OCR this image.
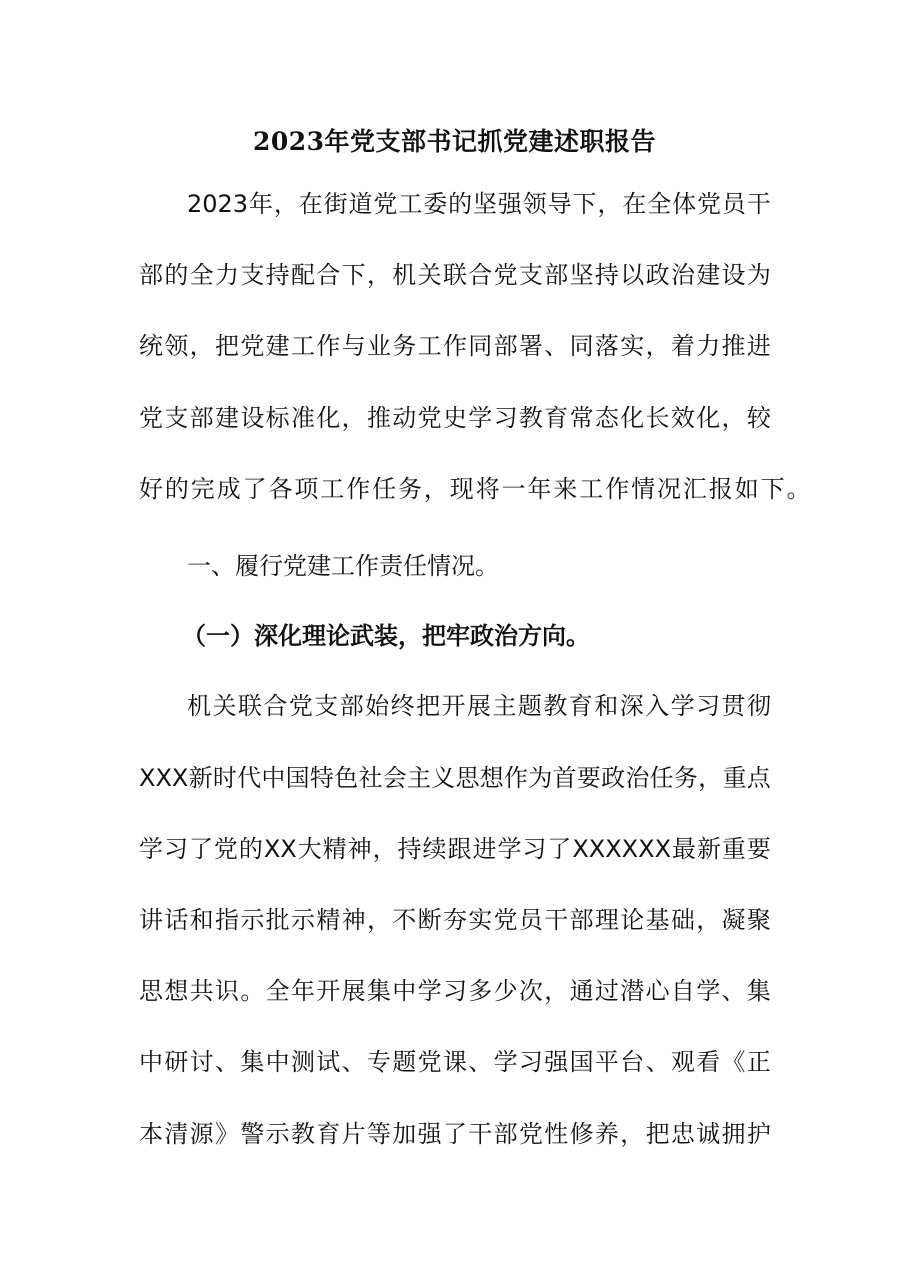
2023年党支部书记抓党建述职报告
2023 年 ， 在 街 道 党 工 委 的 坚 强 领 导 下 ， 在 全 体 党 员 干
部 的 全 力 支 持 配 合 下 ， 机 关 联 合 党 支 部 坚 持 以 政 治 建 设 为
统 领 ， 把 党 建 工 作 与 业 务 工 作 同 部 署 、 同 落 实 ， 着 力 推 进
党 支 部 建 设 标 准 化 ， 推 动 党 史 学 习 教 育 常 态 化 长 效 化 ， 较
好的完成了各项工作任务，现将一年来工作情况汇报如下。
一、履行党建工作责任情况。
（一）深化理论武装，把牢政治方向。
机 关 联 合 党 支 部 始 终 把 开 展 主 题 教 育 和 深 入 学 习 贯 彻
XXX 新 时 代 中 国 特 色 社 会 主 义 思 想 作 为 首 要 政 治 任 务 ， 重 点
学 习 了 党 的 XX 大 精 神 ， 持 续 跟 进 学 习 了 XXXXXX 最 新 重 要
讲 话 和 指 示 批 示 精 神 ， 不 断 夯 实 党 员 干 部 理 论 基 础 ， 凝 聚
思 想 共 识 。 全 年 开 展 集 中 学 习 多 少 次 ， 通 过 潜 心 自 学 、 集
中 研 讨 、 集 中 测 试 、 专 题 党 课 、 学 习 强 国 平 台 、 观 看 《 正
本 清 源 》 警 示 教 育 片 等 加 强 了 干 部 党 性 修 养 ， 把 忠 诚 拥 护
